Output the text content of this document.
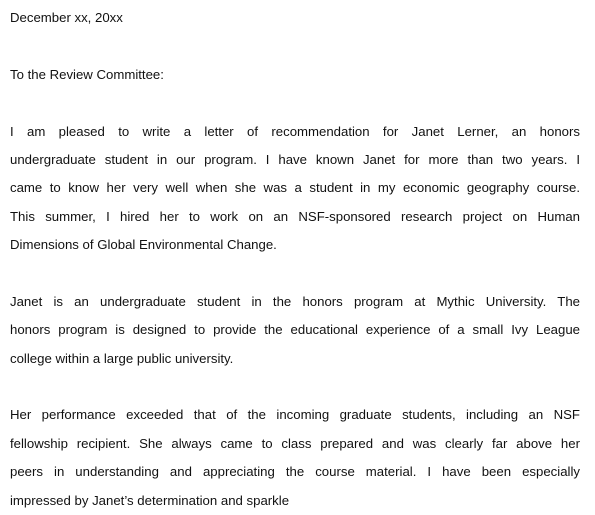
December xx, 20xx
To the Review Committee:
I am pleased to write a letter of recommendation for Janet Lerner, an honors
undergraduate student in our program. I have known Janet for more than two years. I
came to know her very well when she was a student in my economic geography course.
This summer, I hired her to work on an NSF-sponsored research project on Human
Dimensions of Global Environmental Change.
Janet is an undergraduate student in the honors program at Mythic University. The
honors program is designed to provide the educational experience of a small Ivy League
college within a large public university.
Her performance exceeded that of the incoming graduate students, including an NSF
fellowship recipient. She always came to class prepared and was clearly far above her
peers in understanding and appreciating the course material. I have been especially
impressed by Janet’s determination and sparkle
